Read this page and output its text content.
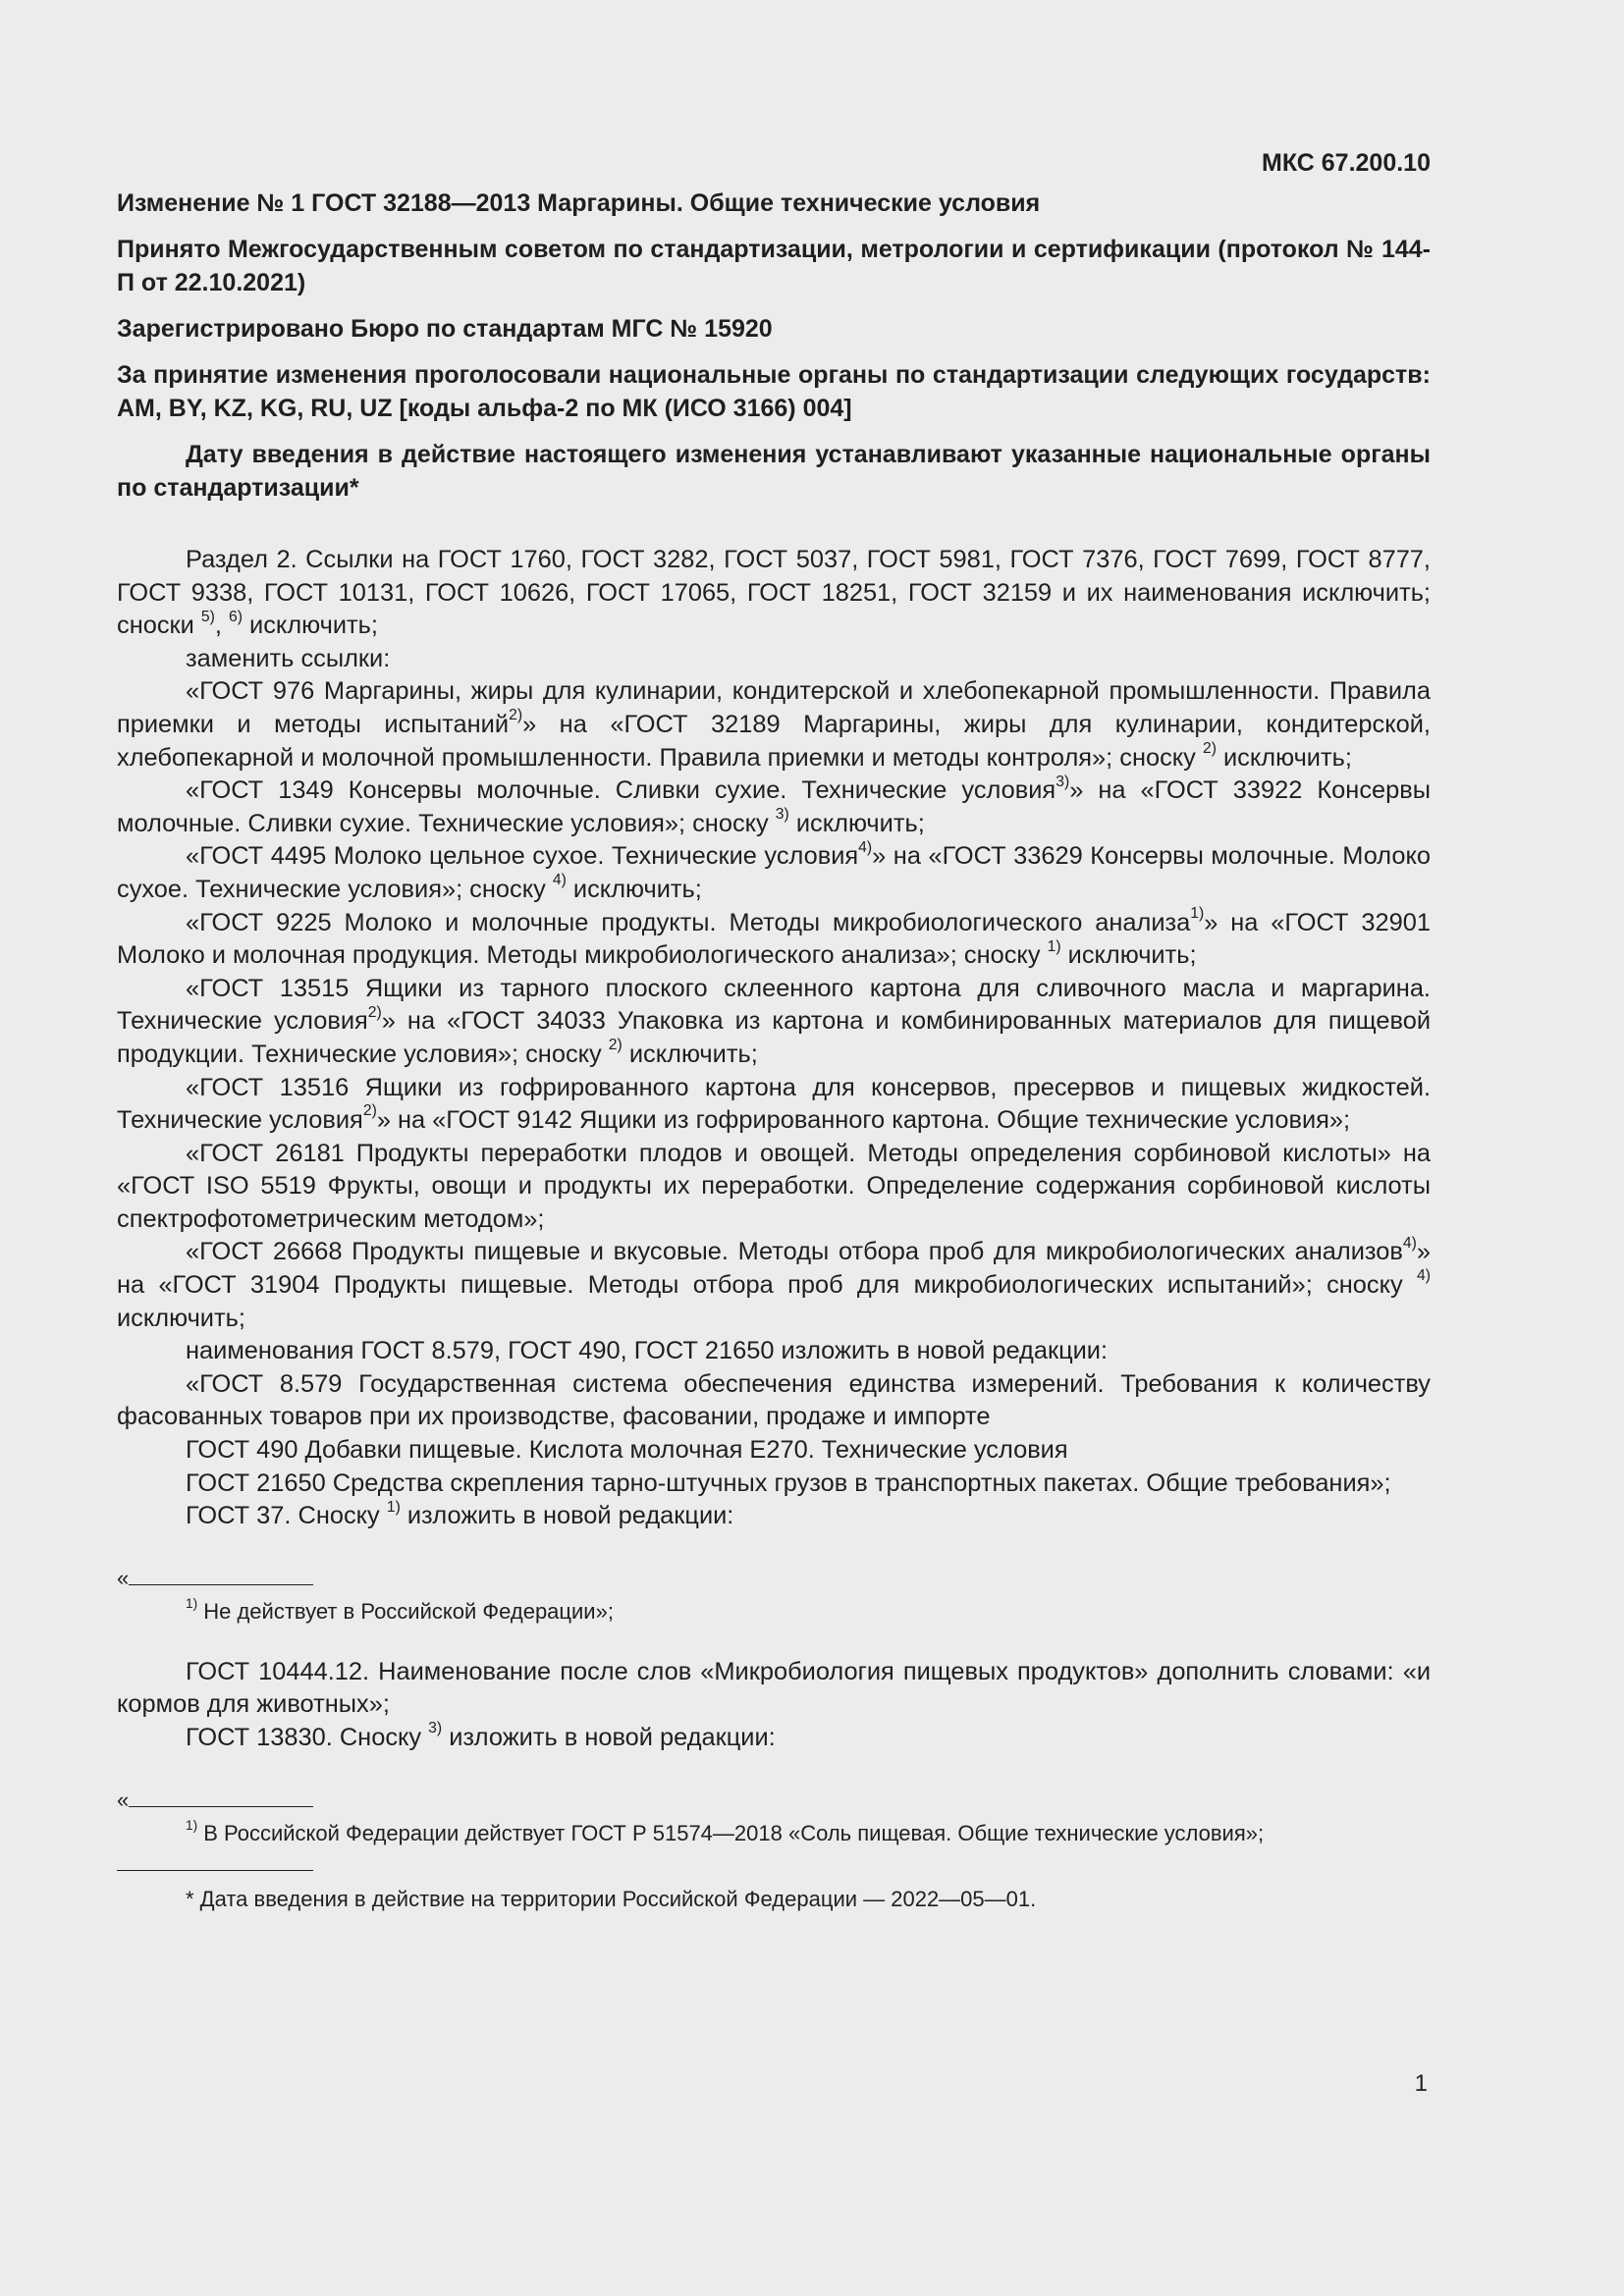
МКС 67.200.10
Изменение № 1 ГОСТ 32188—2013 Маргарины. Общие технические условия
Принято Межгосударственным советом по стандартизации, метрологии и сертификации (протокол № 144-П от 22.10.2021)
Зарегистрировано Бюро по стандартам МГС № 15920
За принятие изменения проголосовали национальные органы по стандартизации следующих государств: AM, BY, KZ, KG, RU, UZ [коды альфа-2 по МК (ИСО 3166) 004]
Дату введения в действие настоящего изменения устанавливают указанные национальные органы по стандартизации*

Раздел 2. Ссылки на ГОСТ 1760, ГОСТ 3282, ГОСТ 5037, ГОСТ 5981, ГОСТ 7376, ГОСТ 7699, ГОСТ 8777, ГОСТ 9338, ГОСТ 10131, ГОСТ 10626, ГОСТ 17065, ГОСТ 18251, ГОСТ 32159 и их наименования исключить; сноски $^{5)}$, $^{6)}$ исключить;

заменить ссылки:

«ГОСТ 976 Маргарины, жиры для кулинарии, кондитерской и хлебопекарной промышленности. Правила приемки и методы испытаний$^{2)}$» на «ГОСТ 32189 Маргарины, жиры для кулинарии, кондитерской, хлебопекарной и молочной промышленности. Правила приемки и методы контроля»; сноску $^{2)}$ исключить;

«ГОСТ 1349 Консервы молочные. Сливки сухие. Технические условия$^{3)}$» на «ГОСТ 33922 Консервы молочные. Сливки сухие. Технические условия»; сноску $^{3)}$ исключить;

«ГОСТ 4495 Молоко цельное сухое. Технические условия$^{4)}$» на «ГОСТ 33629 Консервы молочные. Молоко сухое. Технические условия»; сноску $^{4)}$ исключить;

«ГОСТ 9225 Молоко и молочные продукты. Методы микробиологического анализа$^{1)}$» на «ГОСТ 32901 Молоко и молочная продукция. Методы микробиологического анализа»; сноску $^{1)}$ исключить;

«ГОСТ 13515 Ящики из тарного плоского склеенного картона для сливочного масла и маргарина. Технические условия$^{2)}$» на «ГОСТ 34033 Упаковка из картона и комбинированных материалов для пищевой продукции. Технические условия»; сноску $^{2)}$ исключить;

«ГОСТ 13516 Ящики из гофрированного картона для консервов, пресервов и пищевых жидкостей. Технические условия$^{2)}$» на «ГОСТ 9142 Ящики из гофрированного картона. Общие технические условия»;

«ГОСТ 26181 Продукты переработки плодов и овощей. Методы определения сорбиновой кислоты» на «ГОСТ ISO 5519 Фрукты, овощи и продукты их переработки. Определение содержания сорбиновой кислоты спектрофотометрическим методом»;

«ГОСТ 26668 Продукты пищевые и вкусовые. Методы отбора проб для микробиологических анализов$^{4)}$» на «ГОСТ 31904 Продукты пищевые. Методы отбора проб для микробиологических испытаний»; сноску $^{4)}$ исключить;

наименования ГОСТ 8.579, ГОСТ 490, ГОСТ 21650 изложить в новой редакции:

«ГОСТ 8.579 Государственная система обеспечения единства измерений. Требования к количеству фасованных товаров при их производстве, фасовании, продаже и импорте

ГОСТ 490 Добавки пищевые. Кислота молочная Е270. Технические условия

ГОСТ 21650 Средства скрепления тарно-штучных грузов в транспортных пакетах. Общие требования»;

ГОСТ 37. Сноску $^{1)}$ изложить в новой редакции:

«

$^{1)}$ Не действует в Российской Федерации»;

ГОСТ 10444.12. Наименование после слов «Микробиология пищевых продуктов» дополнить словами: «и кормов для животных»;

ГОСТ 13830. Сноску $^{3)}$ изложить в новой редакции:

«

$^{1)}$ В Российской Федерации действует ГОСТ Р 51574—2018 «Соль пищевая. Общие технические условия»;

* Дата введения в действие на территории Российской Федерации — 2022—05—01.

1
